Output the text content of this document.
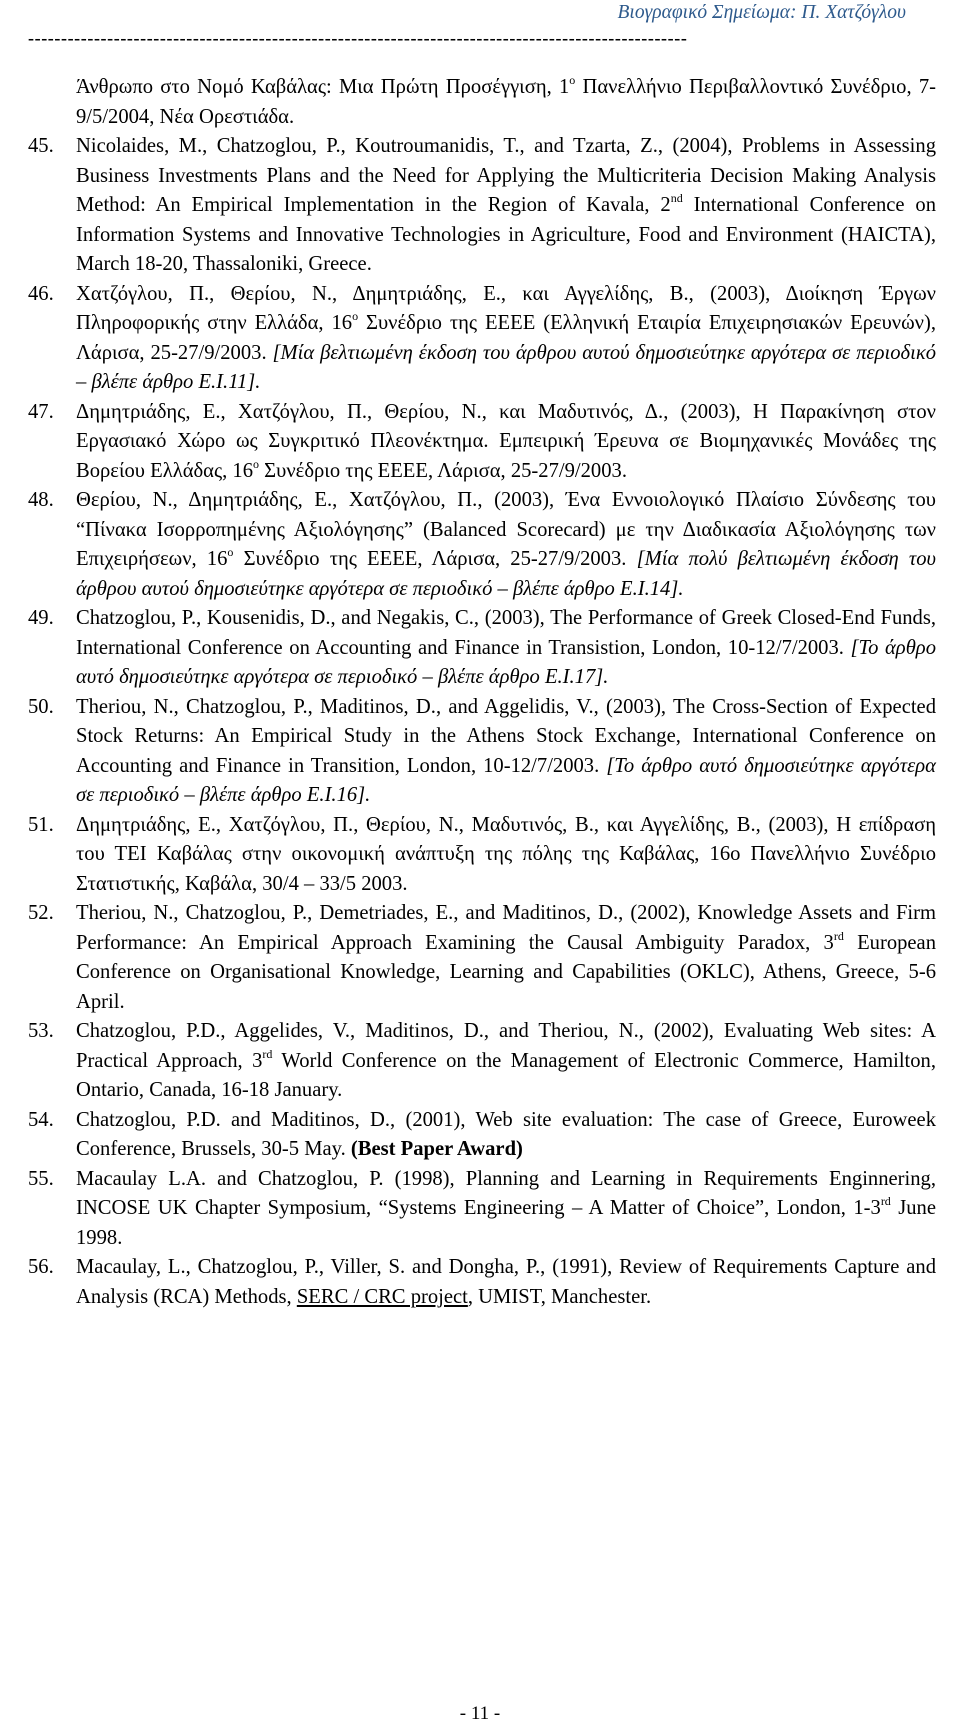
Βιογραφικό Σημείωμα: Π. Χατζόγλου
----------------------------------------------------------------------------------------------------
Άνθρωπο στο Νομό Καβάλας: Μια Πρώτη Προσέγγιση, $1^o$ Πανελλήνιο Περιβαλλοντικό Συνέδριο, 7-9/5/2004, Νέα Ορεστιάδα.
45. Nicolaides, M., Chatzoglou, P., Koutroumanidis, T., and Tzarta, Z., (2004), Problems in Assessing Business Investments Plans and the Need for Applying the Multicriteria Decision Making Analysis Method: An Empirical Implementation in the Region of Kavala, 2nd International Conference on Information Systems and Innovative Technologies in Agriculture, Food and Environment (HAICTA), March 18-20, Thassaloniki, Greece.
46. Χατζόγλου, Π., Θερίου, Ν., Δημητριάδης, Ε., και Αγγελίδης, Β., (2003), Διοίκηση Έργων Πληροφορικής στην Ελλάδα, $16^o$ Συνέδριο της ΕΕΕΕ (Ελληνική Εταιρία Επιχειρησιακών Ερευνών), Λάρισα, 25-27/9/2003. [Μία βελτιωμένη έκδοση του άρθρου αυτού δημοσιεύτηκε αργότερα σε περιοδικό – βλέπε άρθρο Ε.Ι.11].
47. Δημητριάδης, Ε., Χατζόγλου, Π., Θερίου, Ν., και Μαδυτινός, Δ., (2003), Η Παρακίνηση στον Εργασιακό Χώρο ως Συγκριτικό Πλεονέκτημα. Εμπειρική Έρευνα σε Βιομηχανικές Μονάδες της Βορείου Ελλάδας, $16^o$ Συνέδριο της ΕΕΕΕ, Λάρισα, 25-27/9/2003.
48. Θερίου, Ν., Δημητριάδης, Ε., Χατζόγλου, Π., (2003), Ένα Εννοιολογικό Πλαίσιο Σύνδεσης του “Πίνακα Ισορροπημένης Αξιολόγησης” (Balanced Scorecard) με την Διαδικασία Αξιολόγησης των Επιχειρήσεων, $16^o$ Συνέδριο της ΕΕΕΕ, Λάρισα, 25-27/9/2003. [Μία πολύ βελτιωμένη έκδοση του άρθρου αυτού δημοσιεύτηκε αργότερα σε περιοδικό – βλέπε άρθρο Ε.Ι.14].
49. Chatzoglou, P., Kousenidis, D., and Negakis, C., (2003), The Performance of Greek Closed-End Funds, International Conference on Accounting and Finance in Transistion, London, 10-12/7/2003. [Το άρθρο αυτό δημοσιεύτηκε αργότερα σε περιοδικό – βλέπε άρθρο Ε.Ι.17].
50. Theriou, N., Chatzoglou, P., Maditinos, D., and Aggelidis, V., (2003), The Cross-Section of Expected Stock Returns: An Empirical Study in the Athens Stock Exchange, International Conference on Accounting and Finance in Transition, London, 10-12/7/2003. [Το άρθρο αυτό δημοσιεύτηκε αργότερα σε περιοδικό – βλέπε άρθρο Ε.Ι.16].
51. Δημητριάδης, Ε., Χατζόγλου, Π., Θερίου, Ν., Μαδυτινός, Β., και Αγγελίδης, Β., (2003), Η επίδραση του ΤΕΙ Καβάλας στην οικονομική ανάπτυξη της πόλης της Καβάλας, 16ο Πανελλήνιο Συνέδριο Στατιστικής, Καβάλα, 30/4 – 33/5 2003.
52. Theriou, N., Chatzoglou, P., Demetriades, E., and Maditinos, D., (2002), Knowledge Assets and Firm Performance: An Empirical Approach Examining the Causal Ambiguity Paradox, 3rd European Conference on Organisational Knowledge, Learning and Capabilities (OKLC), Athens, Greece, 5-6 April.
53. Chatzoglou, P.D., Aggelides, V., Maditinos, D., and Theriou, N., (2002), Evaluating Web sites: A Practical Approach, 3rd World Conference on the Management of Electronic Commerce, Hamilton, Ontario, Canada, 16-18 January.
54. Chatzoglou, P.D. and Maditinos, D., (2001), Web site evaluation: The case of Greece, Euroweek Conference, Brussels, 30-5 May. (Best Paper Award)
55. Macaulay L.A. and Chatzoglou, P. (1998), Planning and Learning in Requirements Enginnering, INCOSE UK Chapter Symposium, “Systems Engineering – A Matter of Choice”, London, 1-3rd June 1998.
56. Macaulay, L., Chatzoglou, P., Viller, S. and Dongha, P., (1991), Review of Requirements Capture and Analysis (RCA) Methods, SERC / CRC project, UMIST, Manchester.
- 11 -
